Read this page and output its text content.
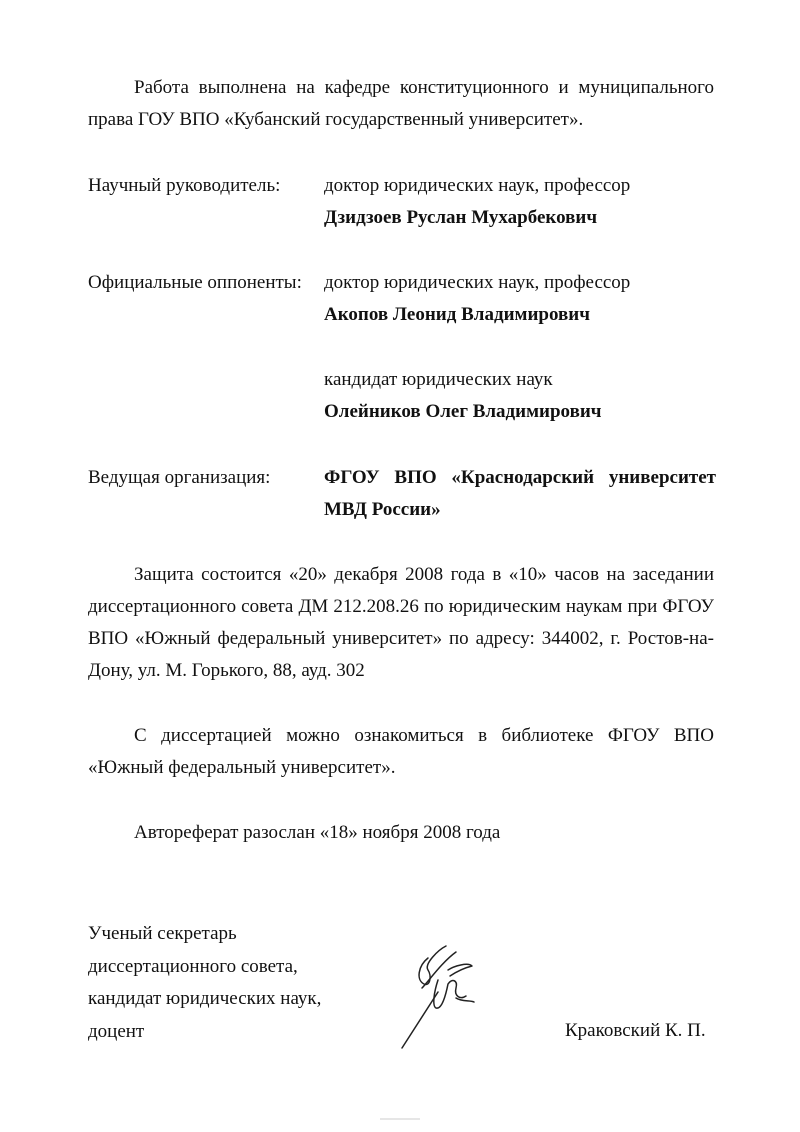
Работа выполнена на кафедре конституционного и муниципального права ГОУ ВПО «Кубанский государственный университет».
Научный руководитель: доктор юридических наук, профессор
Дзидзоев Руслан Мухарбекович
Официальные оппоненты: доктор юридических наук, профессор
Акопов Леонид Владимирович
кандидат юридических наук
Олейников Олег Владимирович
Ведущая организация:	ФГОУ ВПО «Краснодарский университет
МВД России»
Защита состоится «20» декабря 2008 года в «10» часов на заседании диссертационного совета ДМ 212.208.26 по юридическим наукам при ФГОУ ВПО «Южный федеральный университет» по адресу: 344002, г. Ростов-на-Дону, ул. М. Горького, 88, ауд. 302
С диссертацией можно ознакомиться в библиотеке ФГОУ ВПО «Южный федеральный университет».
Автореферат разослан «18» ноября 2008 года
Ученый секретарь
диссертационного совета,
кандидат юридических наук,
доцент	Краковский К. П.
